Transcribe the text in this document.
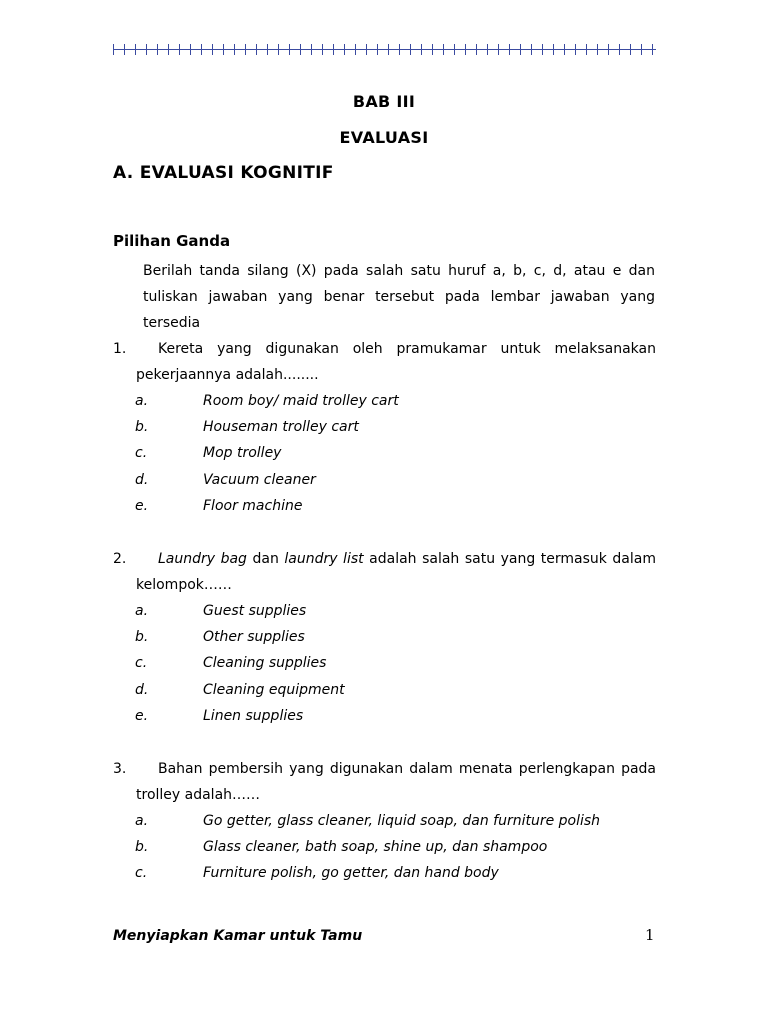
BAB III
EVALUASI
A. EVALUASI KOGNITIF
Pilihan Ganda
Berilah tanda silang (X) pada salah satu huruf a, b, c, d, atau e dan tuliskan jawaban yang benar tersebut pada lembar jawaban yang tersedia
1.	Kereta yang digunakan oleh pramukamar untuk melaksanakan
pekerjaannya adalah........
a.	Room boy/ maid trolley cart
b.	Houseman trolley cart
c.	Mop trolley
d.	Vacuum cleaner
e.	Floor machine
2.	Laundry bag dan laundry list adalah salah satu yang termasuk dalam
kelompok……
a.	Guest supplies
b.	Other supplies
c.	Cleaning supplies
d.	Cleaning equipment
e.	Linen supplies
3.	Bahan pembersih yang digunakan dalam menata perlengkapan pada
trolley adalah……
a.	Go getter, glass cleaner, liquid soap, dan furniture polish
b.	Glass cleaner, bath soap, shine up, dan shampoo
c.	Furniture polish, go getter, dan hand body
Menyiapkan Kamar untuk Tamu	1
